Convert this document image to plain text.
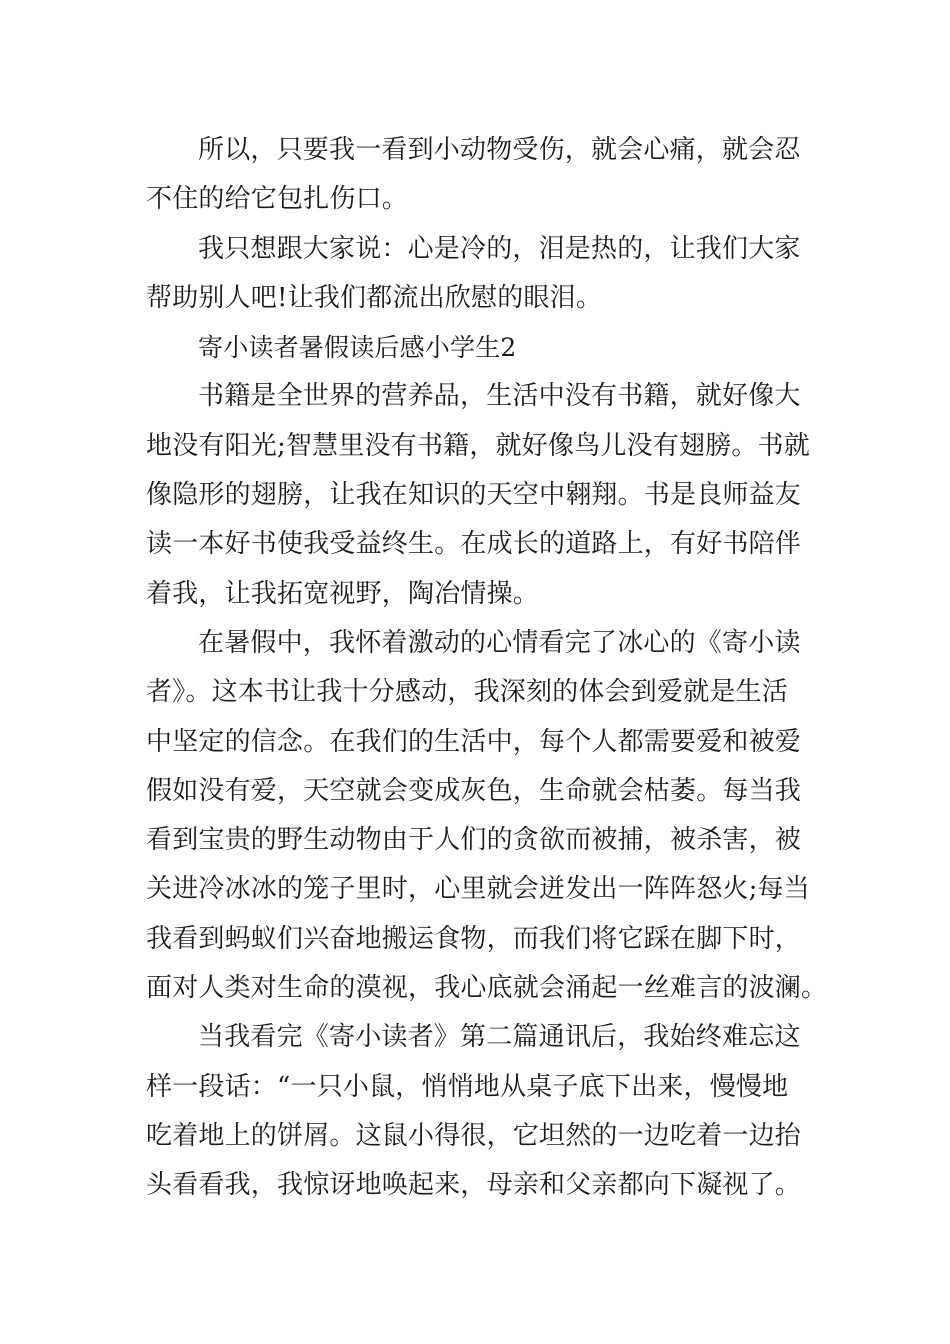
所以，只要我一看到小动物受伤，就会心痛，就会忍
不住的给它包扎伤口。
我只想跟大家说：心是冷的，泪是热的，让我们大家
帮助别人吧!让我们都流出欣慰的眼泪。
寄小读者暑假读后感小学生2
书籍是全世界的营养品，生活中没有书籍，就好像大
地没有阳光;智慧里没有书籍，就好像鸟儿没有翅膀。书就
像隐形的翅膀，让我在知识的天空中翱翔。书是良师益友
读一本好书使我受益终生。在成长的道路上，有好书陪伴
着我，让我拓宽视野，陶冶情操。
在暑假中，我怀着激动的心情看完了冰心的《寄小读
者》。这本书让我十分感动，我深刻的体会到爱就是生活
中坚定的信念。在我们的生活中，每个人都需要爱和被爱
假如没有爱，天空就会变成灰色，生命就会枯萎。每当我
看到宝贵的野生动物由于人们的贪欲而被捕，被杀害，被
关进冷冰冰的笼子里时，心里就会迸发出一阵阵怒火;每当
我看到蚂蚁们兴奋地搬运食物，而我们将它踩在脚下时，
面对人类对生命的漠视，我心底就会涌起一丝难言的波澜。
当我看完《寄小读者》第二篇通讯后，我始终难忘这
样一段话：“一只小鼠，悄悄地从桌子底下出来，慢慢地
吃着地上的饼屑。这鼠小得很，它坦然的一边吃着一边抬
头看看我，我惊讶地唤起来，母亲和父亲都向下凝视了。
